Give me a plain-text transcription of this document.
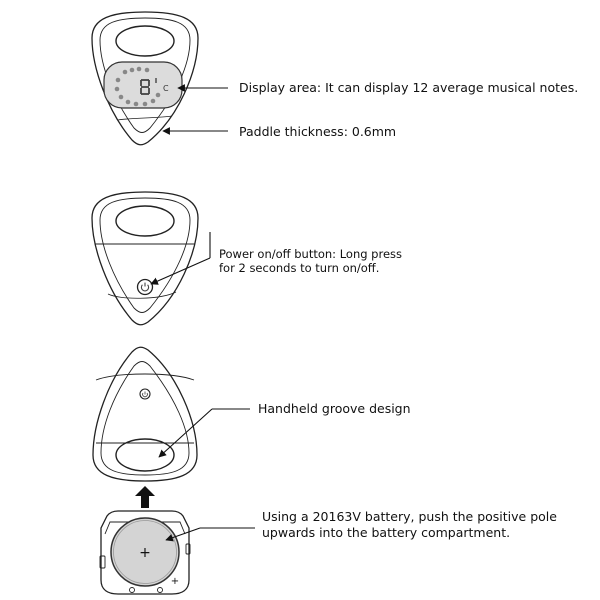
C
+
+
Display area: It can display 12 average musical notes.
Paddle thickness: 0.6mm
Power on/off button: Long press
for 2 seconds to turn on/off.
Handheld groove design
Using a 20163V battery, push the positive pole
upwards into the battery compartment.
